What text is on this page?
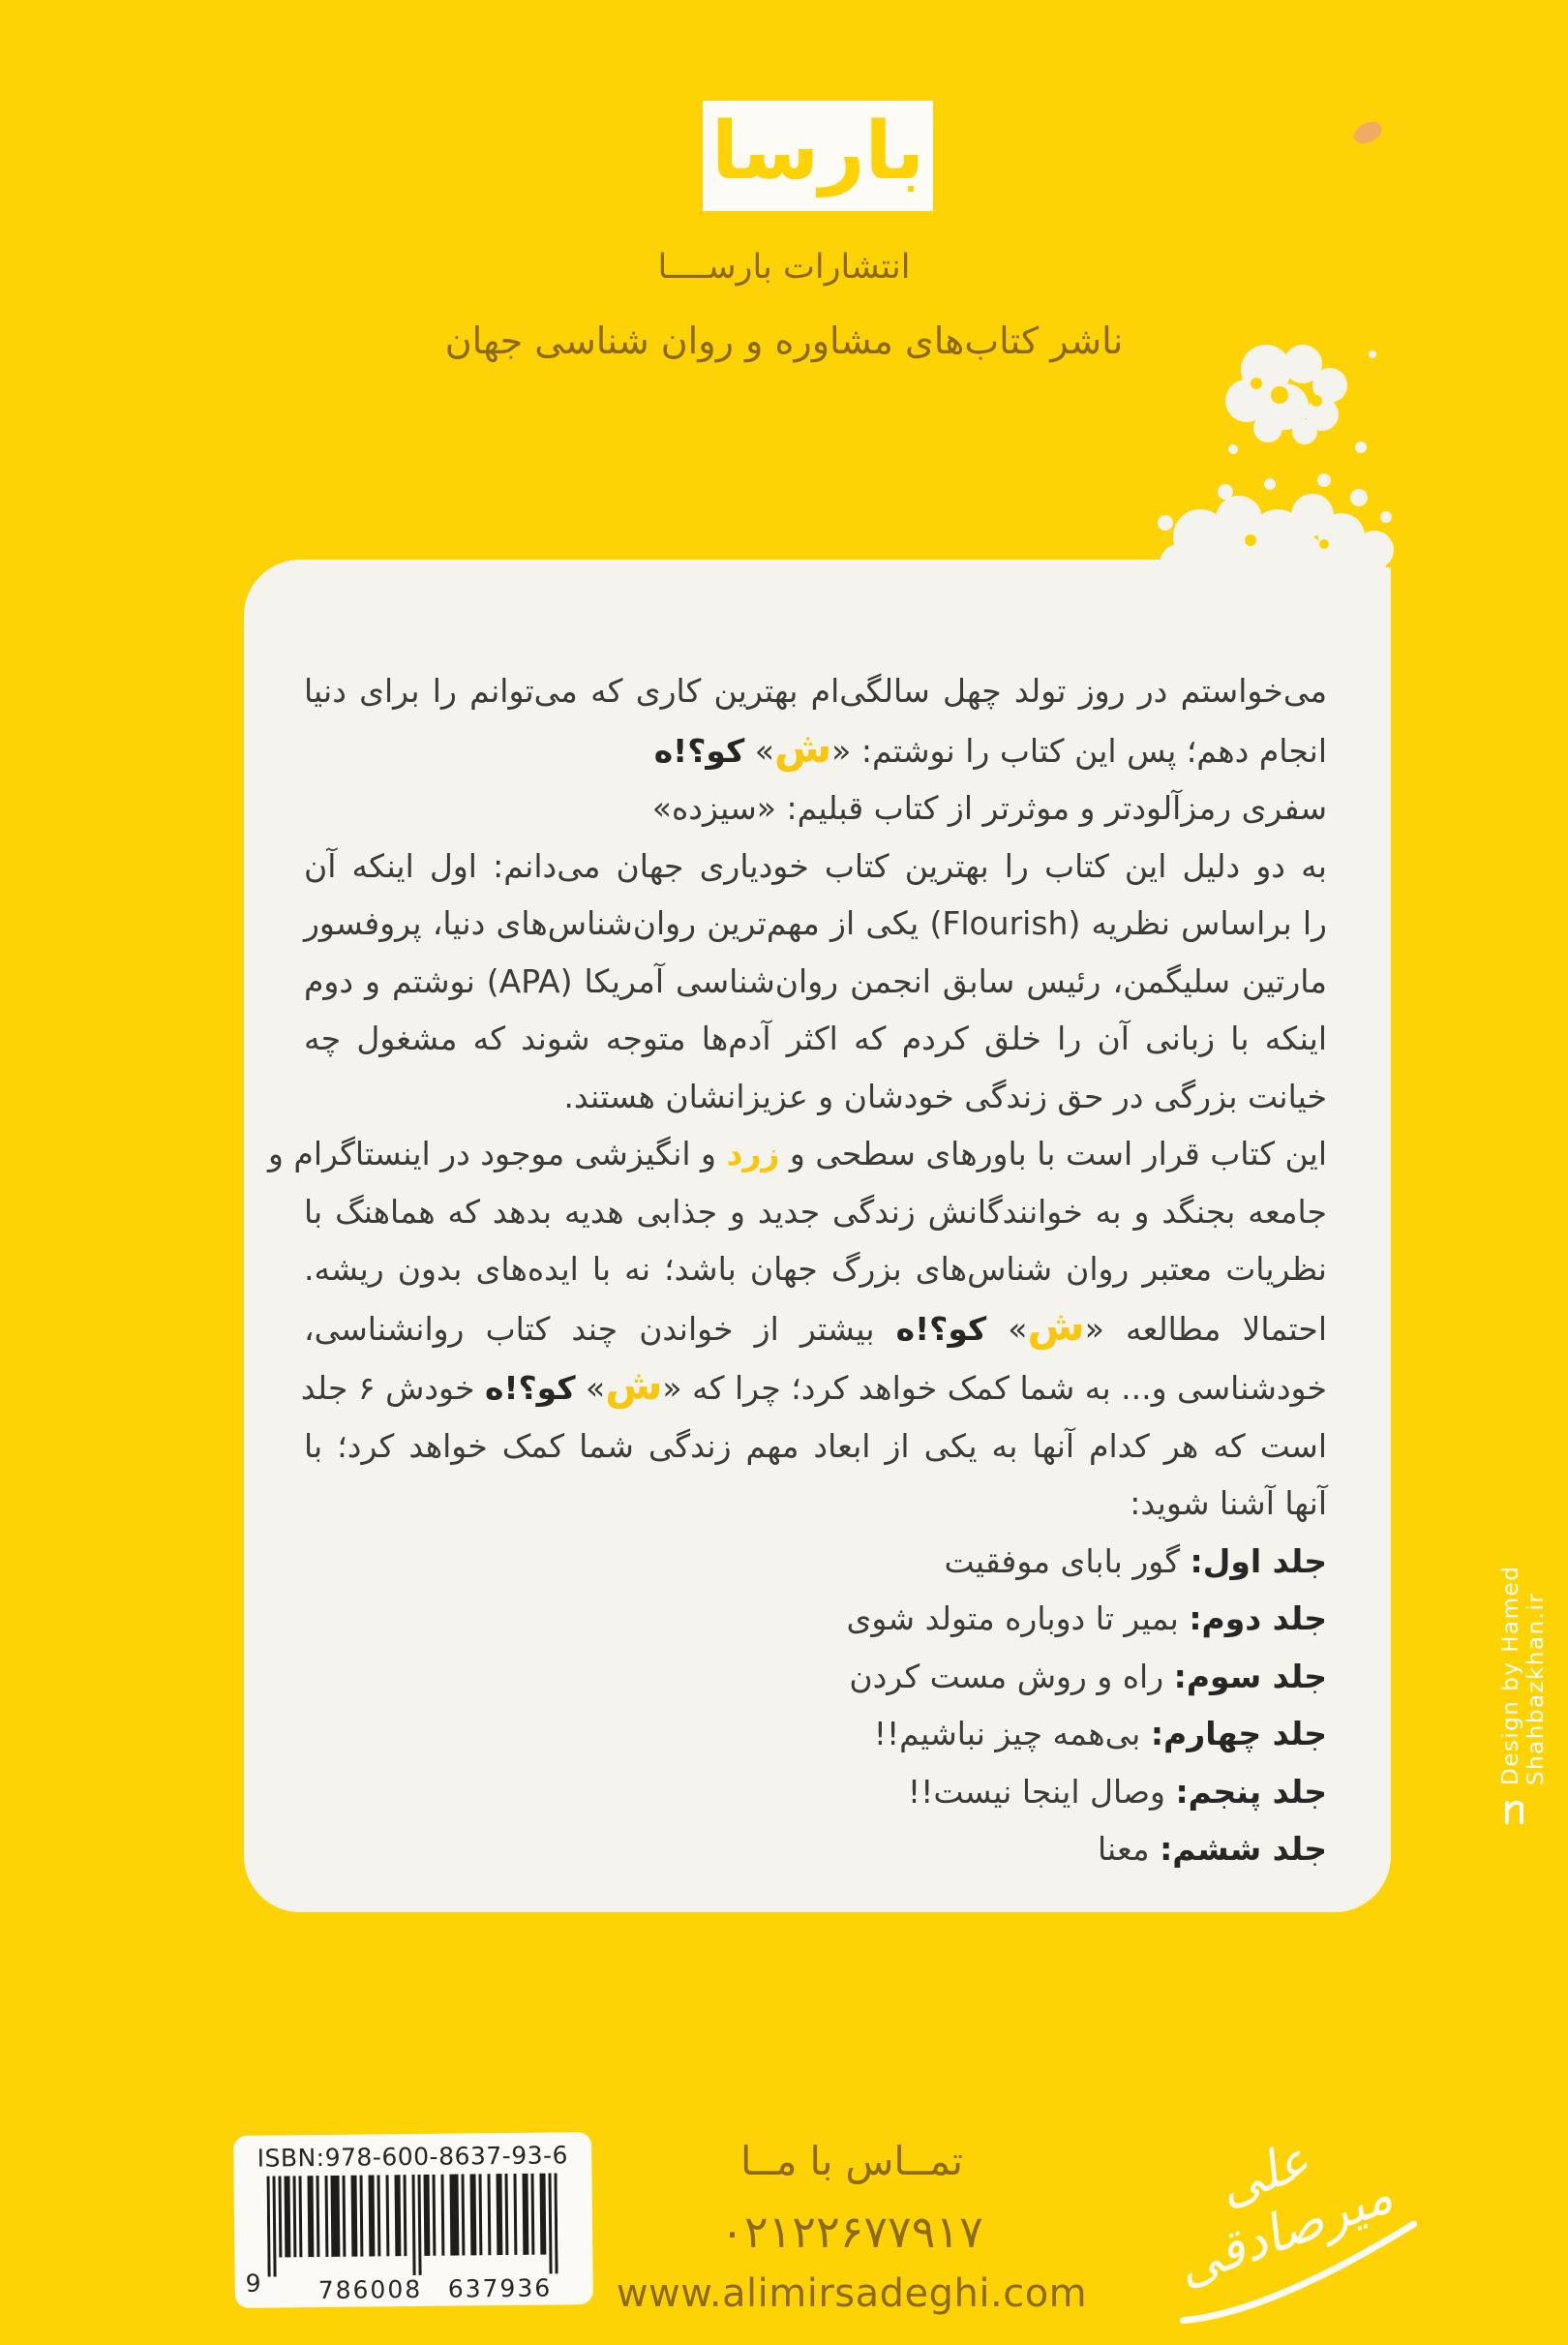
بارسا
انتشارات بارســــا
ناشر کتاب‌های مشاوره و روان شناسی جهان
می‌خواستم در روز تولد چهل سالگی‌ام بهترین کاری که می‌توانم را برای دنیا
انجام دهم؛ پس این کتاب را نوشتم: «ش» کو؟!ه
سفری رمزآلودتر و موثرتر از کتاب قبلیم: «سیزده»
به دو دلیل این کتاب را بهترین کتاب خودیاری جهان می‌دانم: اول اینکه آن
را براساس نظریه (Flourish) یکی از مهم‌ترین روان‌شناس‌های دنیا، پروفسور
مارتین سلیگمن، رئیس سابق انجمن روان‌شناسی آمریکا (APA) نوشتم و دوم
اینکه با زبانی آن را خلق کردم که اکثر آدم‌ها متوجه شوند که مشغول چه
خیانت بزرگی در حق زندگی خودشان و عزیزانشان هستند.
این کتاب قرار است با باورهای سطحی و زرد و انگیزشی موجود در اینستاگرام و
جامعه بجنگد و به خوانندگانش زندگی جدید و جذابی هدیه بدهد که هماهنگ با
نظریات معتبر روان شناس‌های بزرگ جهان باشد؛ نه با ایده‌های بدون ریشه.
احتمالا مطالعه «ش» کو؟!ه بیشتر از خواندن چند کتاب روانشناسی،
خودشناسی و... به شما کمک خواهد کرد؛ چرا که «ش» کو؟!ه خودش ۶ جلد
است که هر کدام آنها به یکی از ابعاد مهم زندگی شما کمک خواهد کرد؛ با
آنها آشنا شوید:
جلد اول: گور بابای موفقیت
جلد دوم: بمیر تا دوباره متولد شوی
جلد سوم: راه و روش مست کردن
جلد چهارم: بی‌همه چیز نباشیم!!
جلد پنجم: وصال اینجا نیست!!
جلد ششم: معنا
ISBN:978-600-8637-93-6
9 786008 637936
تمــاس با مــا
۰۲۱۲۲۶۷۷۹۱۷
www.alimirsadeghi.com
علی میرصادقی
Design by Hamed Shahbazkhan.ir
